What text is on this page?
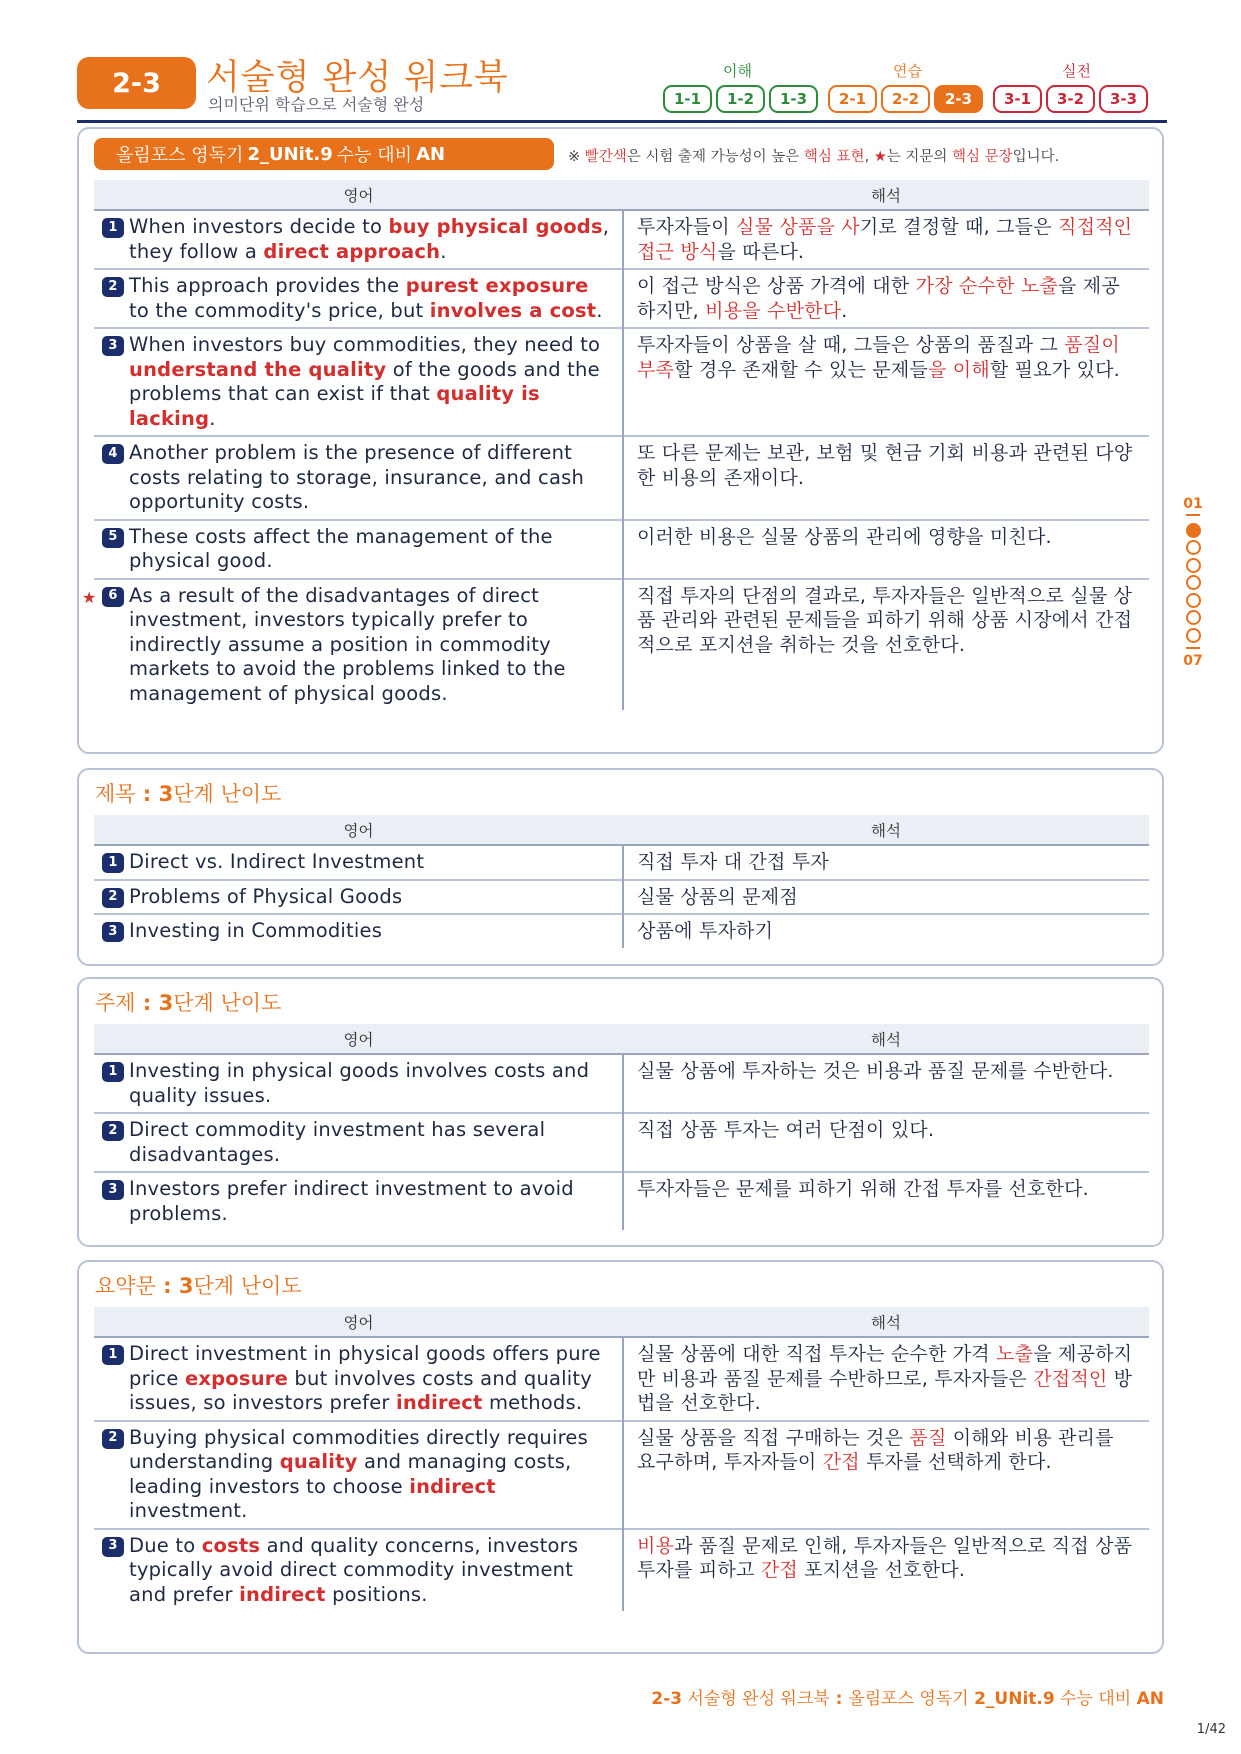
2-3	서술형 완성 워크북
의미단위 학습으로 서술형 완성
이해	연습	실전
1-1	1-2	1-3	2-1	2-2	2-3	3-1	3-2	3-3
01
07
올림포스 영독기 2_UNit.9 수능 대비 AN	※ 빨간색은 시험 출제 가능성이 높은 핵심 표현, ★는 지문의 핵심 문장입니다.
영어	해석

1 When investors decide to buy physical goods, they follow a direct approach.	투자자들이 실물 상품을 사기로 결정할 때, 그들은 직접적인 접근 방식을 따른다.

2 This approach provides the purest exposure to the commodity's price, but involves a cost.	이 접근 방식은 상품 가격에 대한 가장 순수한 노출을 제공하지만, 비용을 수반한다.

3 When investors buy commodities, they need to understand the quality of the goods and the problems that can exist if that quality is lacking.	투자자들이 상품을 살 때, 그들은 상품의 품질과 그 품질이 부족할 경우 존재할 수 있는 문제들을 이해할 필요가 있다.

4 Another problem is the presence of different costs relating to storage, insurance, and cash opportunity costs.	또 다른 문제는 보관, 보험 및 현금 기회 비용과 관련된 다양한 비용의 존재이다.

5 These costs affect the management of the physical good.	이러한 비용은 실물 상품의 관리에 영향을 미친다.

★ 6 As a result of the disadvantages of direct investment, investors typically prefer to indirectly assume a position in commodity markets to avoid the problems linked to the management of physical goods.	직접 투자의 단점의 결과로, 투자자들은 일반적으로 실물 상품 관리와 관련된 문제들을 피하기 위해 상품 시장에서 간접적으로 포지션을 취하는 것을 선호한다.
제목 : 3단계 난이도
영어	해석

1 Direct vs. Indirect Investment	직접 투자 대 간접 투자

2 Problems of Physical Goods	실물 상품의 문제점

3 Investing in Commodities	상품에 투자하기
주제 : 3단계 난이도
영어	해석

1 Investing in physical goods involves costs and quality issues.	실물 상품에 투자하는 것은 비용과 품질 문제를 수반한다.

2 Direct commodity investment has several disadvantages.	직접 상품 투자는 여러 단점이 있다.

3 Investors prefer indirect investment to avoid problems.	투자자들은 문제를 피하기 위해 간접 투자를 선호한다.
요약문 : 3단계 난이도
영어	해석

1 Direct investment in physical goods offers pure price exposure but involves costs and quality issues, so investors prefer indirect methods.	실물 상품에 대한 직접 투자는 순수한 가격 노출을 제공하지만 비용과 품질 문제를 수반하므로, 투자자들은 간접적인 방법을 선호한다.

2 Buying physical commodities directly requires understanding quality and managing costs, leading investors to choose indirect investment.	실물 상품을 직접 구매하는 것은 품질 이해와 비용 관리를 요구하며, 투자자들이 간접 투자를 선택하게 한다.

3 Due to costs and quality concerns, investors typically avoid direct commodity investment and prefer indirect positions.	비용과 품질 문제로 인해, 투자자들은 일반적으로 직접 상품 투자를 피하고 간접 포지션을 선호한다.
2-3 서술형 완성 워크북 : 올림포스 영독기 2_UNit.9 수능 대비 AN
1/42
